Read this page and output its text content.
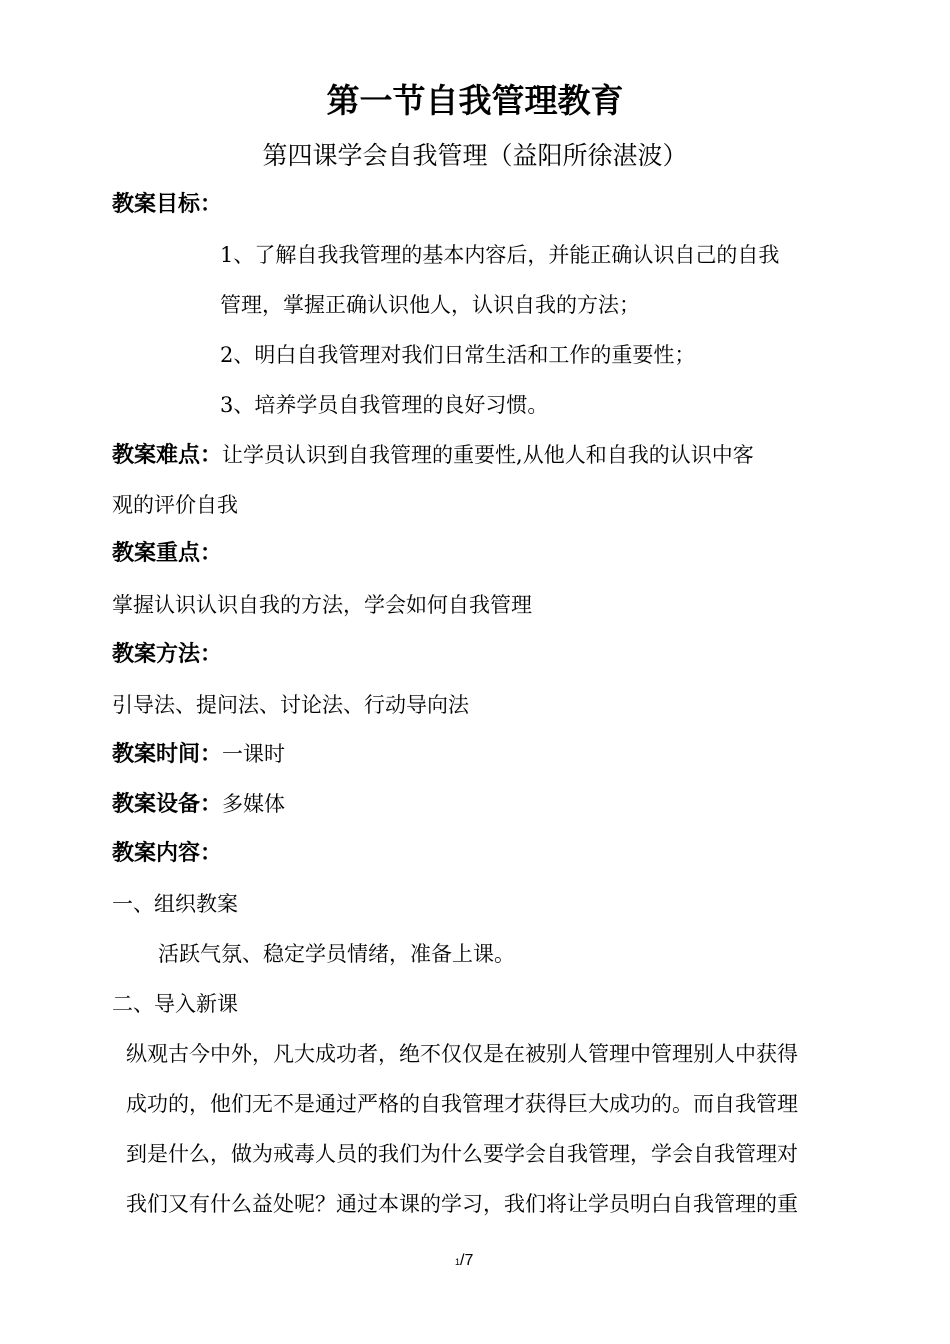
第一节自我管理教育
第四课学会自我管理（益阳所徐湛波）
教案目标：
1、了解自我我管理的基本内容后，并能正确认识自己的自我
管理，掌握正确认识他人，认识自我的方法；
2、明白自我管理对我们日常生活和工作的重要性；
3、培养学员自我管理的良好习惯。
教案难点：让学员认识到自我管理的重要性,从他人和自我的认识中客
观的评价自我
教案重点：
掌握认识认识自我的方法，学会如何自我管理
教案方法：
引导法、提问法、讨论法、行动导向法
教案时间：一课时
教案设备：多媒体
教案内容：
一、组织教案
活跃气氛、稳定学员情绪，准备上课。
二、导入新课
纵观古今中外，凡大成功者，绝不仅仅是在被别人管理中管理别人中获得
成功的，他们无不是通过严格的自我管理才获得巨大成功的。而自我管理
到是什么，做为戒毒人员的我们为什么要学会自我管理，学会自我管理对
我们又有什么益处呢？通过本课的学习，我们将让学员明白自我管理的重
1/7
